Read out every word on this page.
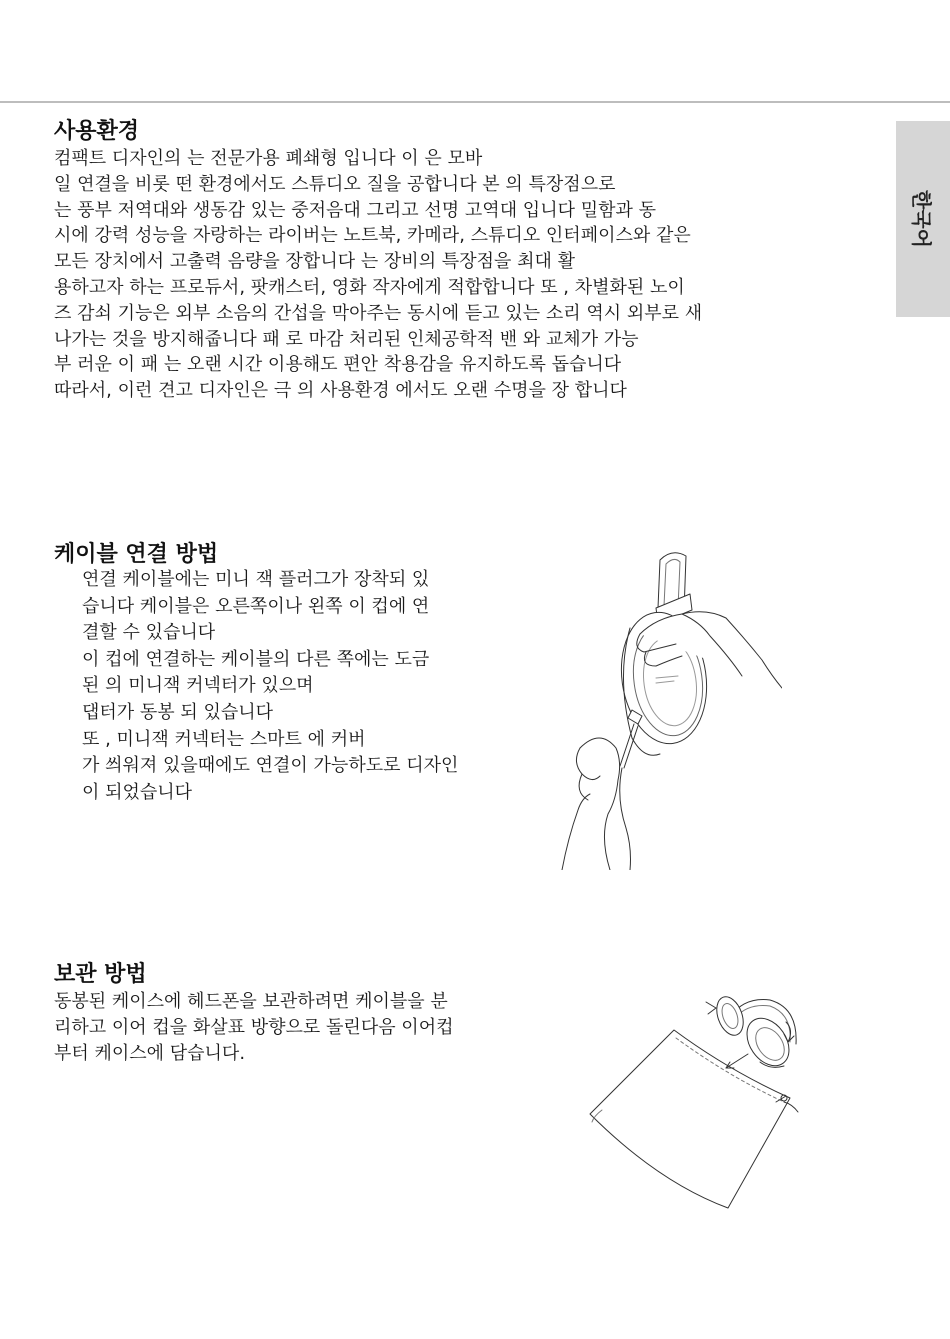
한국어
사용환경
컴팩트 디자인의 는 전문가용 폐쇄형 입니다 이 은 모바
일 연결을 비롯 떤 환경에서도 스튜디오 질을 공합니다 본 의 특장점으로
는 풍부 저역대와 생동감 있는 중저음대 그리고 선명 고역대 입니다 밀함과 동
시에 강력 성능을 자랑하는 라이버는 노트북, 카메라, 스튜디오 인터페이스와 같은
모든 장치에서 고출력 음량을 장합니다 는 장비의 특장점을 최대 활
용하고자 하는 프로듀서, 팟캐스터, 영화 작자에게 적합합니다 또 , 차별화된 노이
즈 감쇠 기능은 외부 소음의 간섭을 막아주는 동시에 듣고 있는 소리 역시 외부로 새
나가는 것을 방지해줍니다 패 로 마감 처리된 인체공학적 밴 와 교체가 가능
부 러운 이 패 는 오랜 시간 이용해도 편안 착용감을 유지하도록 돕습니다
따라서, 이런 견고 디자인은 극 의 사용환경 에서도 오랜 수명을 장 합니다
케이블 연결 방법
연결 케이블에는 미니 잭 플러그가 장착되 있
습니다 케이블은 오른쪽이나 왼쪽 이 컵에 연
결할 수 있습니다
이 컵에 연결하는 케이블의 다른 쪽에는 도금
된 의 미니잭 커넥터가 있으며
댑터가 동봉 되 있습니다
또 , 미니잭 커넥터는 스마트 에 커버
가 씌워져 있을때에도 연결이 가능하도로 디자인
이 되었습니다
보관 방법
동봉된 케이스에 헤드폰을 보관하려면 케이블을 분
리하고 이어 컵을 화살표 방향으로 돌린다음 이어컵
부터 케이스에 담습니다.
